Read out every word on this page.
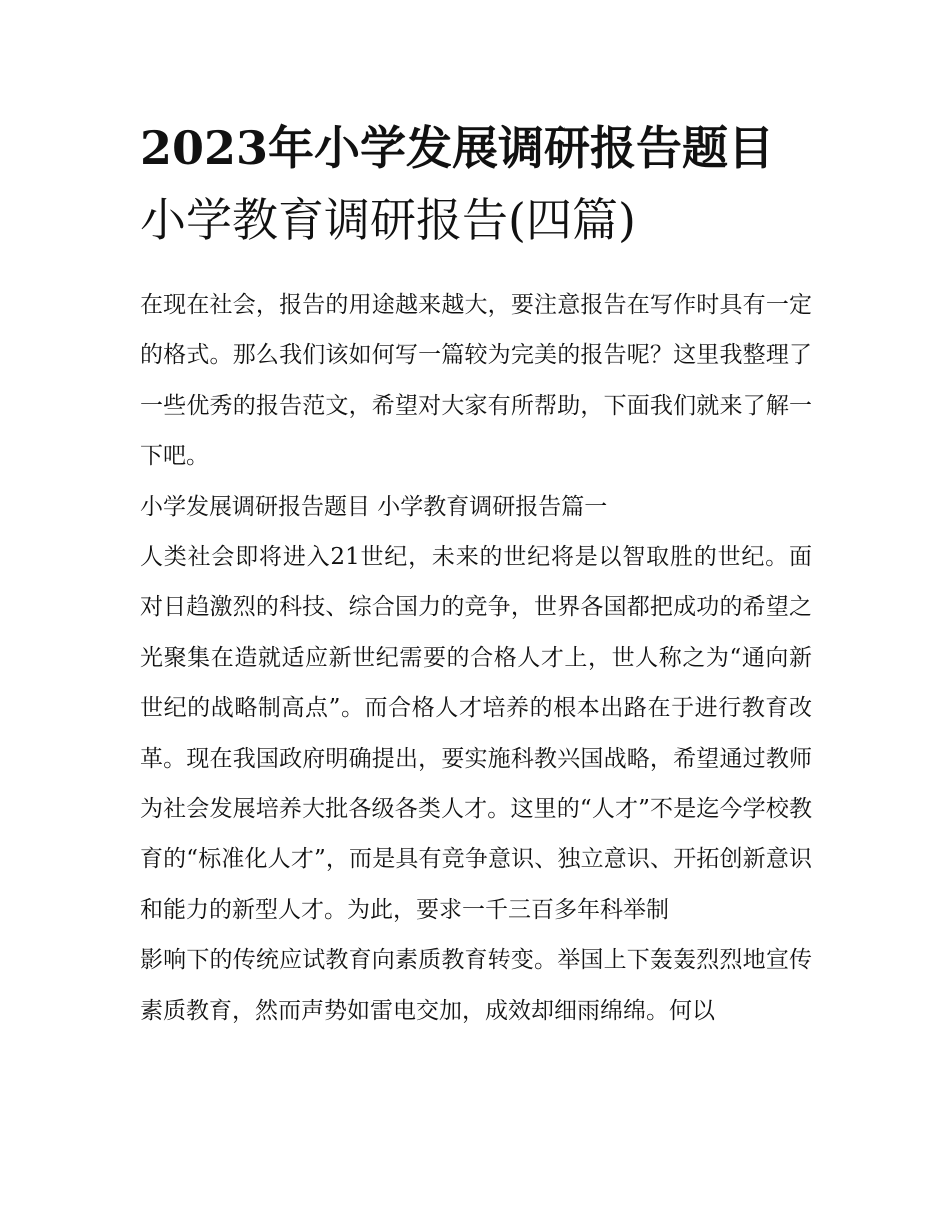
2023年小学发展调研报告题目
小学教育调研报告(四篇)

在现在社会，报告的用途越来越大，要注意报告在写作时具有一定的格式。那么我们该如何写一篇较为完美的报告呢？这里我整理了一些优秀的报告范文，希望对大家有所帮助，下面我们就来了解一下吧。

小学发展调研报告题目 小学教育调研报告篇一

人类社会即将进入21世纪，未来的世纪将是以智取胜的世纪。面对日趋激烈的科技、综合国力的竞争，世界各国都把成功的希望之光聚集在造就适应新世纪需要的合格人才上，世人称之为“通向新世纪的战略制高点”。而合格人才培养的根本出路在于进行教育改革。现在我国政府明确提出，要实施科教兴国战略，希望通过教师为社会发展培养大批各级各类人才。这里的“人才”不是迄今学校教育的“标准化人才”，而是具有竞争意识、独立意识、开拓创新意识和能力的新型人才。为此，要求一千三百多年科举制

影响下的传统应试教育向素质教育转变。举国上下轰轰烈烈地宣传素质教育，然而声势如雷电交加，成效却细雨绵绵。何以
